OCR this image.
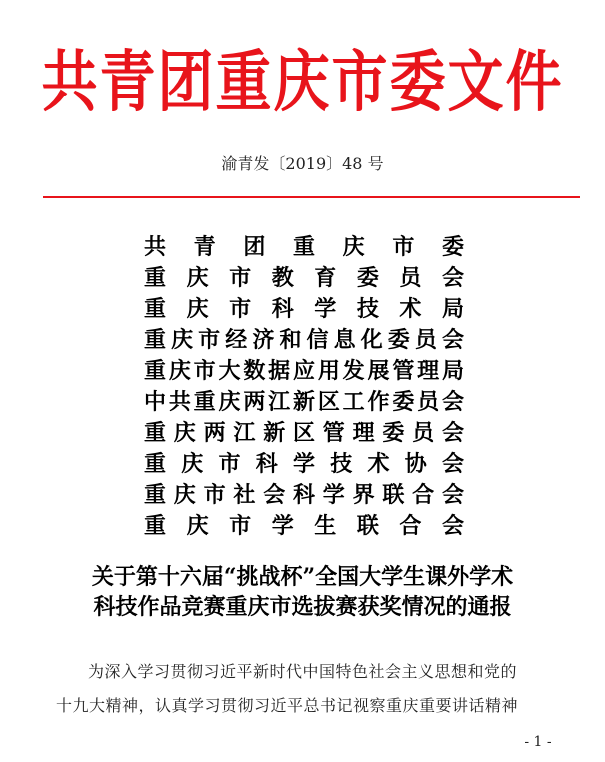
共青团重庆市委文件
渝青发〔2019〕48 号
共青团重庆市委
重庆市教育委员会
重庆市科学技术局
重庆市经济和信息化委员会
重庆市大数据应用发展管理局
中共重庆两江新区工作委员会
重庆两江新区管理委员会
重庆市科学技术协会
重庆市社会科学界联合会
重庆市学生联合会
关于第十六届“挑战杯”全国大学生课外学术
科技作品竞赛重庆市选拔赛获奖情况的通报
为深入学习贯彻习近平新时代中国特色社会主义思想和党的
十九大精神，认真学习贯彻习近平总书记视察重庆重要讲话精神
- 1 -
